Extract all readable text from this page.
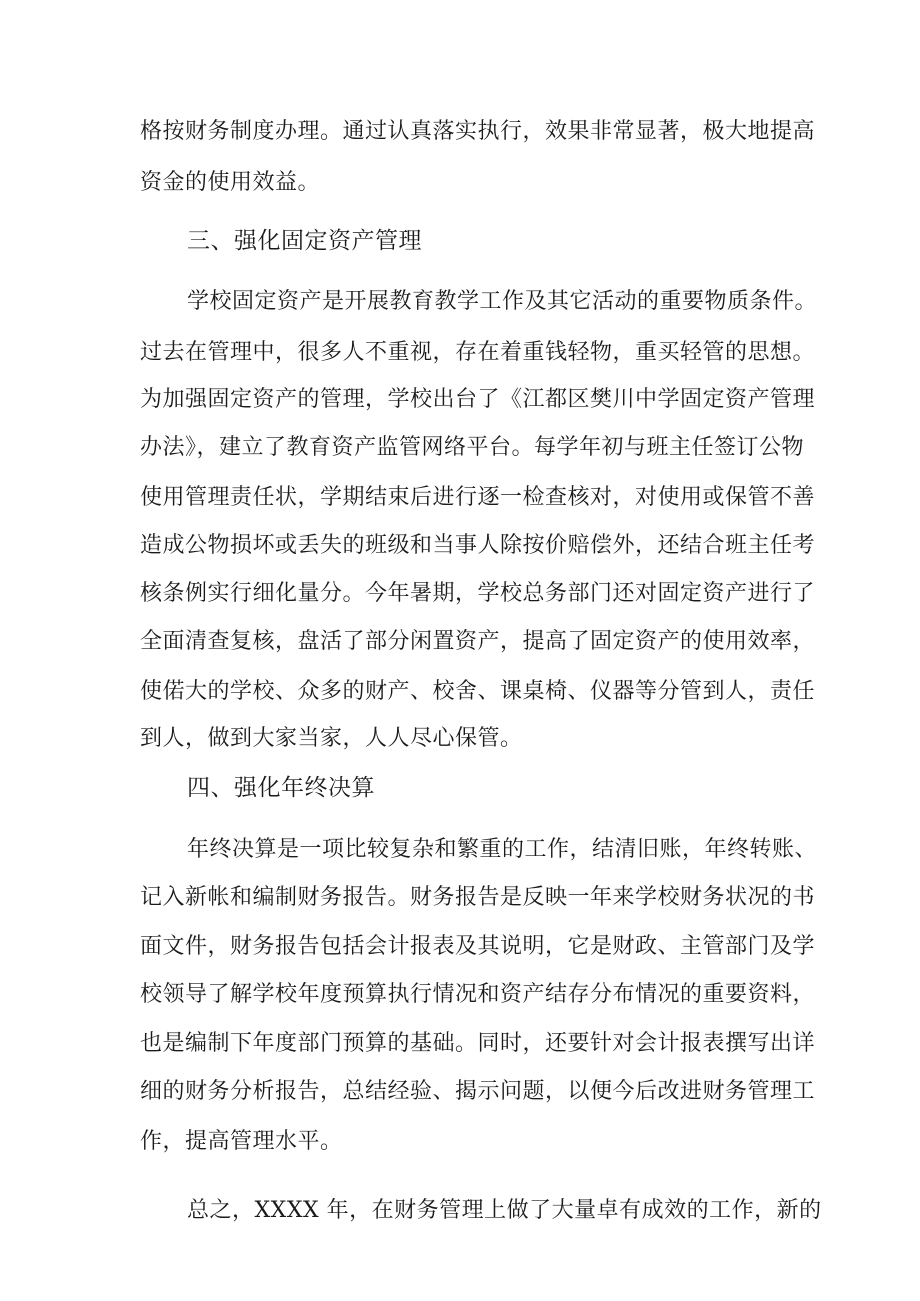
格按财务制度办理。通过认真落实执行，效果非常显著，极大地提高
资金的使用效益。
三、强化固定资产管理
学校固定资产是开展教育教学工作及其它活动的重要物质条件。
过去在管理中，很多人不重视，存在着重钱轻物，重买轻管的思想。
为加强固定资产的管理，学校出台了《江都区樊川中学固定资产管理
办法》，建立了教育资产监管网络平台。每学年初与班主任签订公物
使用管理责任状，学期结束后进行逐一检查核对，对使用或保管不善
造成公物损坏或丢失的班级和当事人除按价赔偿外，还结合班主任考
核条例实行细化量分。今年暑期，学校总务部门还对固定资产进行了
全面清查复核，盘活了部分闲置资产，提高了固定资产的使用效率，
使偌大的学校、众多的财产、校舍、课桌椅、仪器等分管到人，责任
到人，做到大家当家，人人尽心保管。
四、强化年终决算
年终决算是一项比较复杂和繁重的工作，结清旧账，年终转账、
记入新帐和编制财务报告。财务报告是反映一年来学校财务状况的书
面文件，财务报告包括会计报表及其说明，它是财政、主管部门及学
校领导了解学校年度预算执行情况和资产结存分布情况的重要资料，
也是编制下年度部门预算的基础。同时，还要针对会计报表撰写出详
细的财务分析报告，总结经验、揭示问题，以便今后改进财务管理工
作，提高管理水平。
总之，XXXX 年，在财务管理上做了大量卓有成效的工作，新的
